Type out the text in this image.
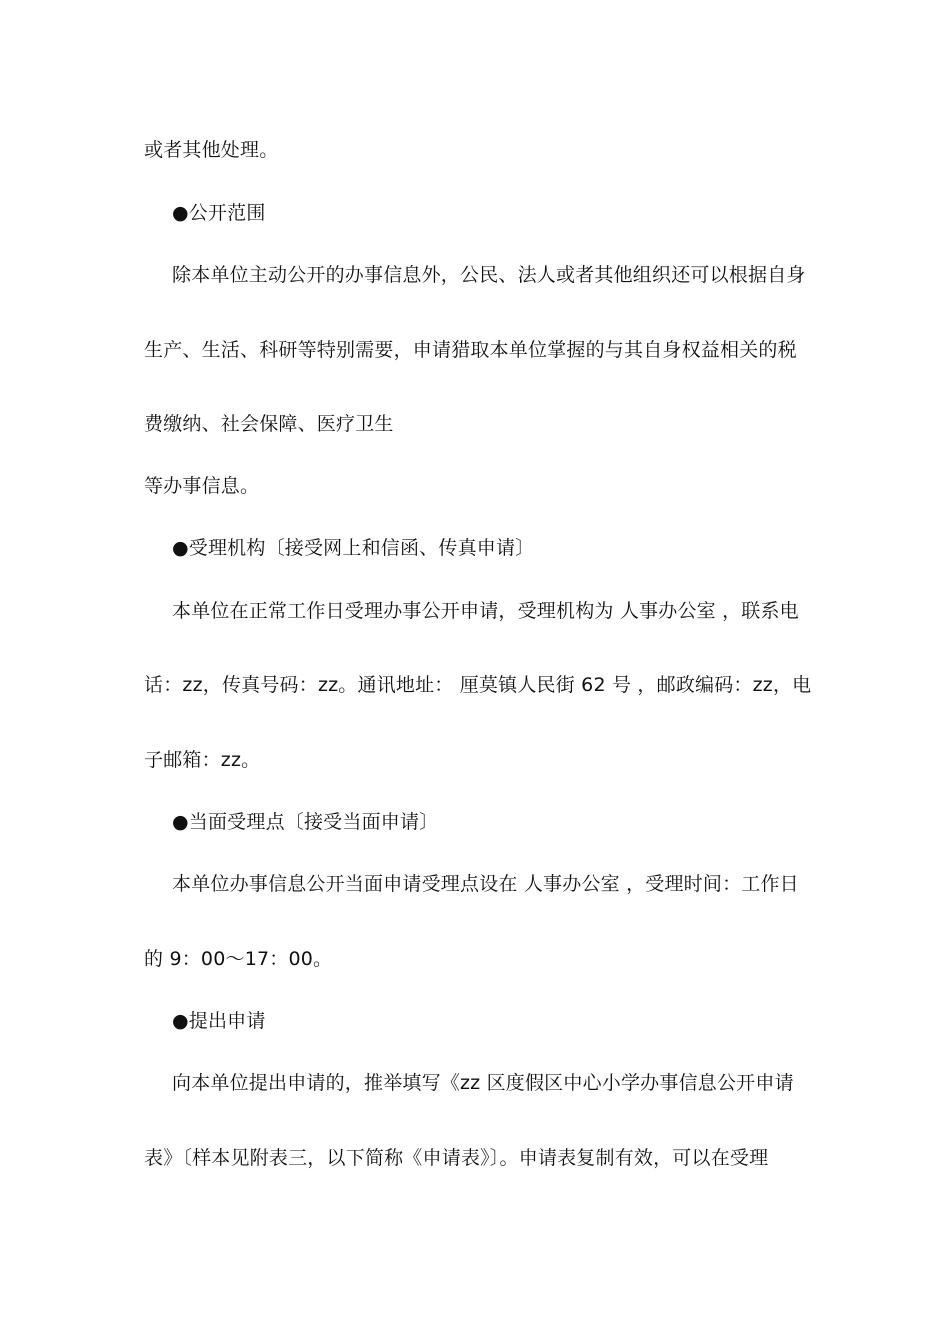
或者其他处理。
●公开范围
除本单位主动公开的办事信息外，公民、法人或者其他组织还可以根据自身
生产、生活、科研等特别需要，申请猎取本单位掌握的与其自身权益相关的税
费缴纳、社会保障、医疗卫生
等办事信息。
●受理机构〔接受网上和信函、传真申请〕
本单位在正常工作日受理办事公开申请，受理机构为 人事办公室 ，联系电
话：zz，传真号码：zz。通讯地址： 厘莫镇人民街 62 号 ，邮政编码：zz，电
子邮箱：zz。
●当面受理点〔接受当面申请〕
本单位办事信息公开当面申请受理点设在 人事办公室 ，受理时间：工作日
的 9：00～17：00。
●提出申请
向本单位提出申请的，推举填写《zz 区度假区中心小学办事信息公开申请
表》〔样本见附表三，以下简称《申请表》〕。申请表复制有效，可以在受理
